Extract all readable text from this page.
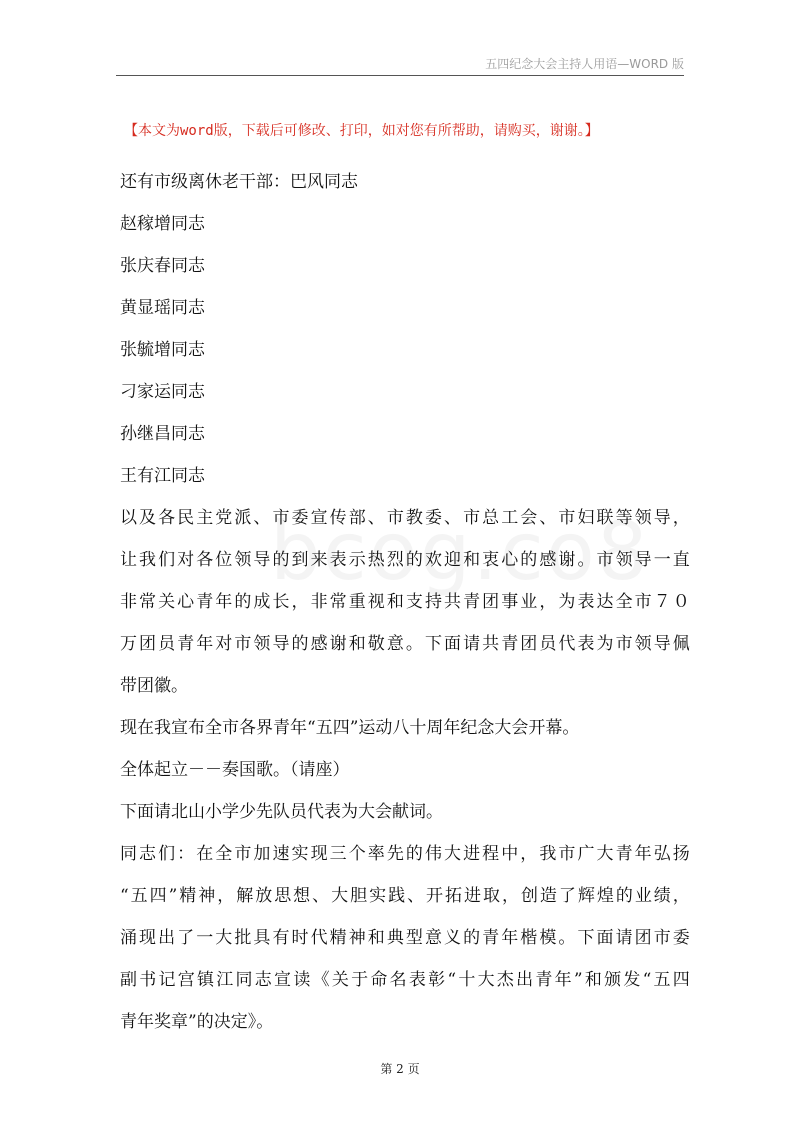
五四纪念大会主持人用语—WORD 版
【本文为word版，下载后可修改、打印，如对您有所帮助，请购买，谢谢。】
还有市级离休老干部：巴风同志
赵稼增同志
张庆春同志
黄显瑶同志
张毓增同志
刁家运同志
孙继昌同志
王有江同志
以及各民主党派、市委宣传部、市教委、市总工会、市妇联等领导，
让我们对各位领导的到来表示热烈的欢迎和衷心的感谢。市领导一直
非常关心青年的成长，非常重视和支持共青团事业，为表达全市７０
万团员青年对市领导的感谢和敬意。下面请共青团员代表为市领导佩
带团徽。
现在我宣布全市各界青年“五四”运动八十周年纪念大会开幕。
全体起立－－奏国歌。（请座）
下面请北山小学少先队员代表为大会献词。
同志们：在全市加速实现三个率先的伟大进程中，我市广大青年弘扬
“五四”精神，解放思想、大胆实践、开拓进取，创造了辉煌的业绩，
涌现出了一大批具有时代精神和典型意义的青年楷模。下面请团市委
副书记宫镇江同志宣读《关于命名表彰“十大杰出青年”和颁发“五四
青年奖章”的决定》。
第 2 页
